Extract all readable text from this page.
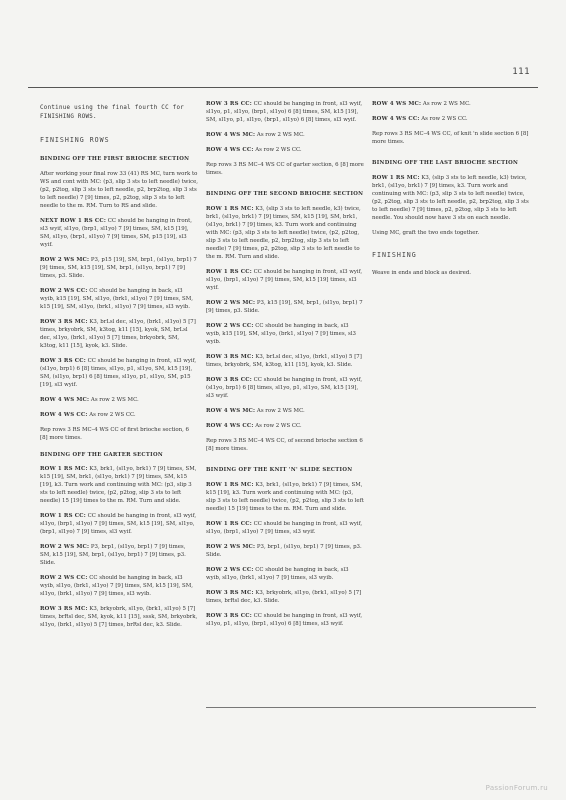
111

Continue using the final fourth CC for FINISHING ROWS.

FINISHING ROWS
BINDING OFF THE FIRST BRIOCHE SECTION

After working your final row 33 (41) RS MC, turn work to WS and cont with MC: (p3, slip 3 sts to left needle) twice, (p2, p2tog, slip 3 sts to left needle, p2, brp2tog, slip 3 sts to left needle) 7 [9] times, p2, p2tog, slip 3 sts to left needle to the m. RM. Turn to RS and slide.

NEXT ROW 1 RS CC: CC should be hanging in front, sl3 wyif, sl1yo, (brp1, sl1yo) 7 [9] times, SM, k15 [19], SM, sl1yo, (brp1, sl1yo) 7 [9] times, SM, p15 [19], sl3 wyif.

ROW 2 WS MC: P3, p15 [19], SM, brp1, (sl1yo, brp1) 7 [9] times, SM, k15 [19], SM, brp1, (sl1yo, brp1) 7 [9] times, p3. Slide.

ROW 2 WS CC: CC should be hanging in back, sl3 wyib, k15 [19], SM, sl1yo, (brk1, sl1yo) 7 [9] times, SM, k15 [19], SM, sl1yo, (brk1, sl1yo) 7 [9] times, sl3 wyib.

ROW 3 RS MC: K3, brLsl dec, sl1yo, (brk1, sl1yo) 5 [7] times, brkyobrk, SM, k3tog, k11 [15], kyok, SM, brLsl dec, sl1yo, (brk1, sl1yo) 5 [7] times, brkyobrk, SM, k3tog, k11 [15], kyok, k3. Slide.

ROW 3 RS CC: CC should be hanging in front, sl3 wyif, (sl1yo, brp1) 6 [8] times, sl1yo, p1, sl1yo, SM, k15 [19], SM, (sl1yo, brp1) 6 [8] times, sl1yo, p1, sl1yo, SM, p15 [19], sl3 wyif.

ROW 4 WS MC: As row 2 WS MC.

ROW 4 WS CC: As row 2 WS CC.

Rep rows 3 RS MC–4 WS CC of first brioche section, 6 [8] more times.

BINDING OFF THE GARTER SECTION

ROW 1 RS MC: K3, brk1, (sl1yo, brk1) 7 [9] times, SM, k15 [19], SM, brk1, (sl1yo, brk1) 7 [9] times, SM, k15 [19], k3. Turn work and continuing with MC: (p3, slip 3 sts to left needle) twice, (p2, p2tog, slip 3 sts to left needle) 15 [19] times to the m. RM. Turn and slide.

ROW 1 RS CC: CC should be hanging in front, sl3 wyif, sl1yo, (brp1, sl1yo) 7 [9] times, SM, k15 [19], SM, sl1yo, (brp1, sl1yo) 7 [9] times, sl3 wyif.

ROW 2 WS MC: P3, brp1, (sl1yo, brp1) 7 [9] times, SM, k15 [19], SM, brp1, (sl1yo, brp1) 7 [9] times, p3. Slide.

ROW 2 WS CC: CC should be hanging in back, sl3 wyib, sl1yo, (brk1, sl1yo) 7 [9] times, SM, k15 [19], SM, sl1yo, (brk1, sl1yo) 7 [9] times, sl3 wyib.

ROW 3 RS MC: K3, brkyobrk, sl1yo, (brk1, sl1yo) 5 [7] times, brRsl dec, SM, kyok, k11 [15], sssk, SM, brkyobrk, sl1yo, (brk1, sl1yo) 5 [7] times, brRsl dec, k3. Slide.

ROW 3 RS CC: CC should be hanging in front, sl3 wyif, sl1yo, p1, sl1yo, (brp1, sl1yo) 6 [8] times, SM, k15 [19], SM, sl1yo, p1, sl1yo, (brp1, sl1yo) 6 [8] times, sl3 wyif.

ROW 4 WS MC: As row 2 WS MC.

ROW 4 WS CC: As row 2 WS CC.

Rep rows 3 RS MC–4 WS CC of garter section, 6 [8] more times.

BINDING OFF THE SECOND BRIOCHE SECTION

ROW 1 RS MC: K3, (slip 3 sts to left needle, k3) twice, brk1, (sl1yo, brk1) 7 [9] times, SM, k15 [19], SM, brk1, (sl1yo, brk1) 7 [9] times, k3. Turn work and continuing with MC: (p3, slip 3 sts to left needle) twice, (p2, p2tog, slip 3 sts to left needle, p2, brp2tog, slip 3 sts to left needle) 7 [9] times, p2, p2tog, slip 3 sts to left needle to the m. RM. Turn and slide.

ROW 1 RS CC: CC should be hanging in front, sl3 wyif, sl1yo, (brp1, sl1yo) 7 [9] times, SM, k15 [19] times, sl3 wyif.

ROW 2 WS MC: P3, k15 [19], SM, brp1, (sl1yo, brp1) 7 [9] times, p3. Slide.

ROW 2 WS CC: CC should be hanging in back, sl3 wyib, k15 [19], SM, sl1yo, (brk1, sl1yo) 7 [9] times, sl3 wyib.

ROW 3 RS MC: K3, brLsl dec, sl1yo, (brk1, sl1yo) 5 [7] times, brkyobrk, SM, k3tog, k11 [15], kyok, k3. Slide.

ROW 3 RS CC: CC should be hanging in front, sl3 wyif, (sl1yo, brp1) 6 [8] times, sl1yo, p1, sl1yo, SM, k15 [19], sl3 wyif.

ROW 4 WS MC: As row 2 WS MC.

ROW 4 WS CC: As row 2 WS CC.

Rep rows 3 RS MC–4 WS CC, of second brioche section 6 [8] more times.

BINDING OFF THE KNIT 'N' SLIDE SECTION

ROW 1 RS MC: K3, brk1, (sl1yo, brk1) 7 [9] times, SM, k15 [19], k3. Turn work and continuing with MC: (p3, slip 3 sts to left needle) twice, (p2, p2tog, slip 3 sts to left needle) 15 [19] times to the m. RM. Turn and slide.

ROW 1 RS CC: CC should be hanging in front, sl3 wyif, sl1yo, (brp1, sl1yo) 7 [9] times, sl3 wyif.

ROW 2 WS MC: P3, brp1, (sl1yo, brp1) 7 [9] times, p3. Slide.

ROW 2 WS CC: CC should be hanging in back, sl3 wyib, sl1yo, (brk1, sl1yo) 7 [9] times, sl3 wyib.

ROW 3 RS MC: K3, brkyobrk, sl1yo, (brk1, sl1yo) 5 [7] times, brRsl dec, k3. Slide.

ROW 3 RS CC: CC should be hanging in front, sl3 wyif, sl1yo, p1, sl1yo, (brp1, sl1yo) 6 [8] times, sl3 wyif.

ROW 4 WS MC: As row 2 WS MC.

ROW 4 WS CC: As row 2 WS CC.

Rep rows 3 RS MC–4 WS CC, of knit 'n slide section 6 [8] more times.

BINDING OFF THE LAST BRIOCHE SECTION

ROW 1 RS MC: K3, (slip 3 sts to left needle, k3) twice, brk1, (sl1yo, brk1) 7 [9] times, k3. Turn work and continuing with MC: (p3, slip 3 sts to left needle) twice, (p2, p2tog, slip 3 sts to left needle, p2, brp2tog, slip 3 sts to left needle) 7 [9] times, p2, p2tog, slip 3 sts to left needle. You should now have 3 sts on each needle.

Using MC, graft the two ends together.

FINISHING

Weave in ends and block as desired.

PassionForum.ru
